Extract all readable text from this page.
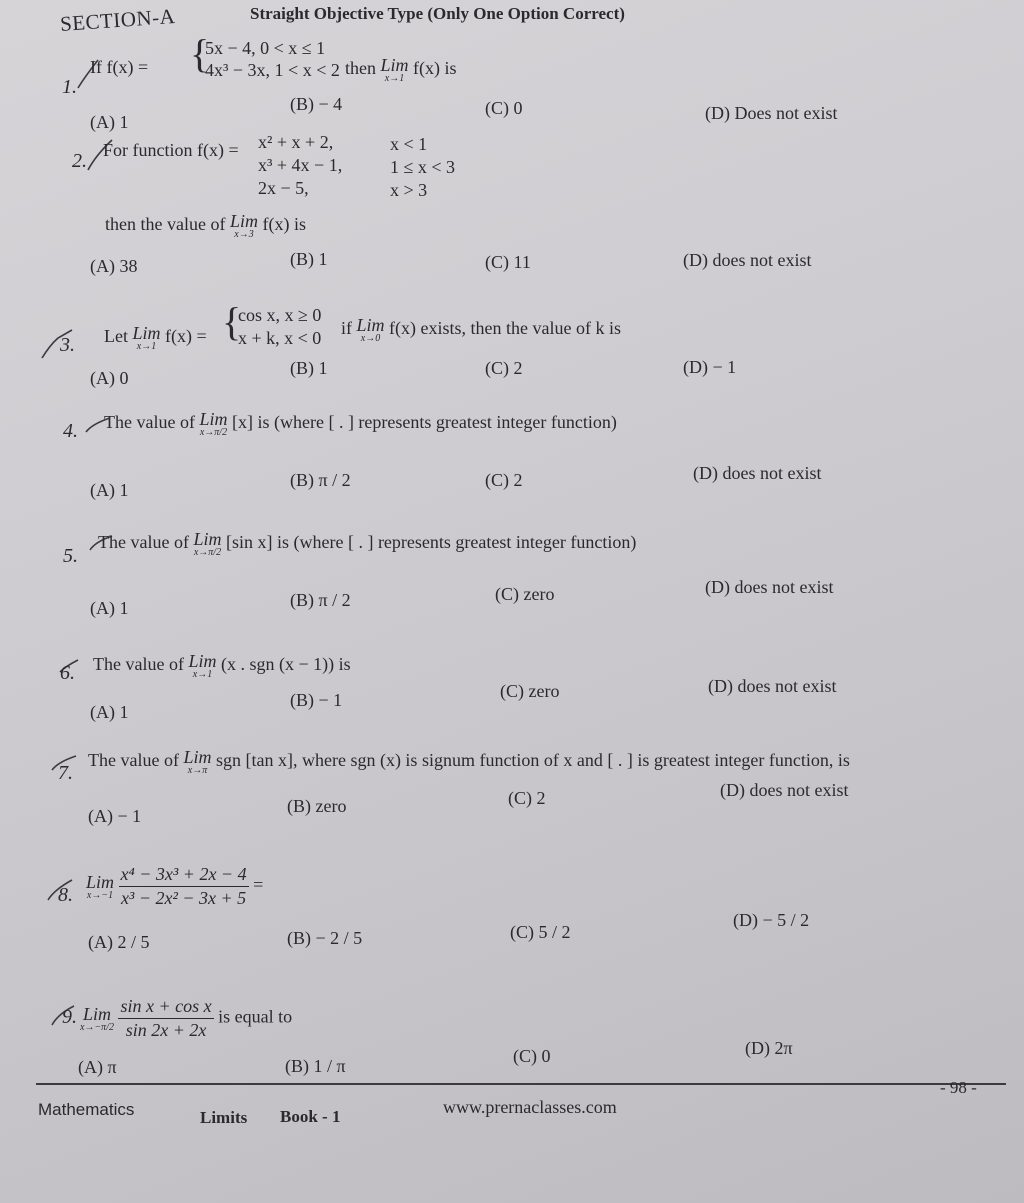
SECTION-A	Straight Objective Type (Only One Option Correct)
1.
If f(x) = {
5x − 4, 0 < x ≤ 1
4x³ − 3x, 1 < x < 2 then Lim
x→1
f(x) is
(A) 1
(B) − 4	(C) 0	(D) Does not exist
2. For function f(x) = x² + x + 2,	x < 1
x³ + 4x − 1,	1 ≤ x < 3
2x − 5,	x > 3
then the value of Lim
x→3
f(x) is
(A) 38	(B) 1	(C) 11	(D) does not exist
3. Let Lim
x→1
f(x) = {
cos x, x ≥ 0
x + k, x < 0 if Lim
x→0
f(x) exists, then the value of k is
(A) 0	(B) 1	(C) 2	(D) − 1
4. The value of Lim
x→π/2
[x] is (where [ . ] represents greatest integer function)
(A) 1	(B) π / 2	(C) 2	(D) does not exist
5.
The value of Lim
x→π/2
[sin x] is (where [ . ] represents greatest integer function)
(A) 1	(B) π / 2	(C) zero	(D) does not exist
6. The value of Lim
x→1
(x . sgn (x − 1)) is
(A) 1
(B) − 1	(C) zero	(D) does not exist
7.
The value of Lim
x→π
sgn [tan x], where sgn (x) is signum function of x and [ . ] is greatest integer function, is
(A) − 1	(B) zero	(C) 2	(D) does not exist
8.
Lim
x→−1
$\frac{\text{x⁴ − 3x³ + 2x − 4}}{\text{x³ − 2x² − 3x + 5}}$ =
(A) 2 / 5	(B) − 2 / 5	(C) 5 / 2
(D) − 5 / 2
9. Lim
x→−π/2
$\frac{\text{sin x + cos x}}{\sin 2x + 2x}$ is equal to
(A) π	(B) 1 / π	(C) 0	(D) 2π
Mathematics	Limits Book - 1	www.prernaclasses.com
- 98 -
